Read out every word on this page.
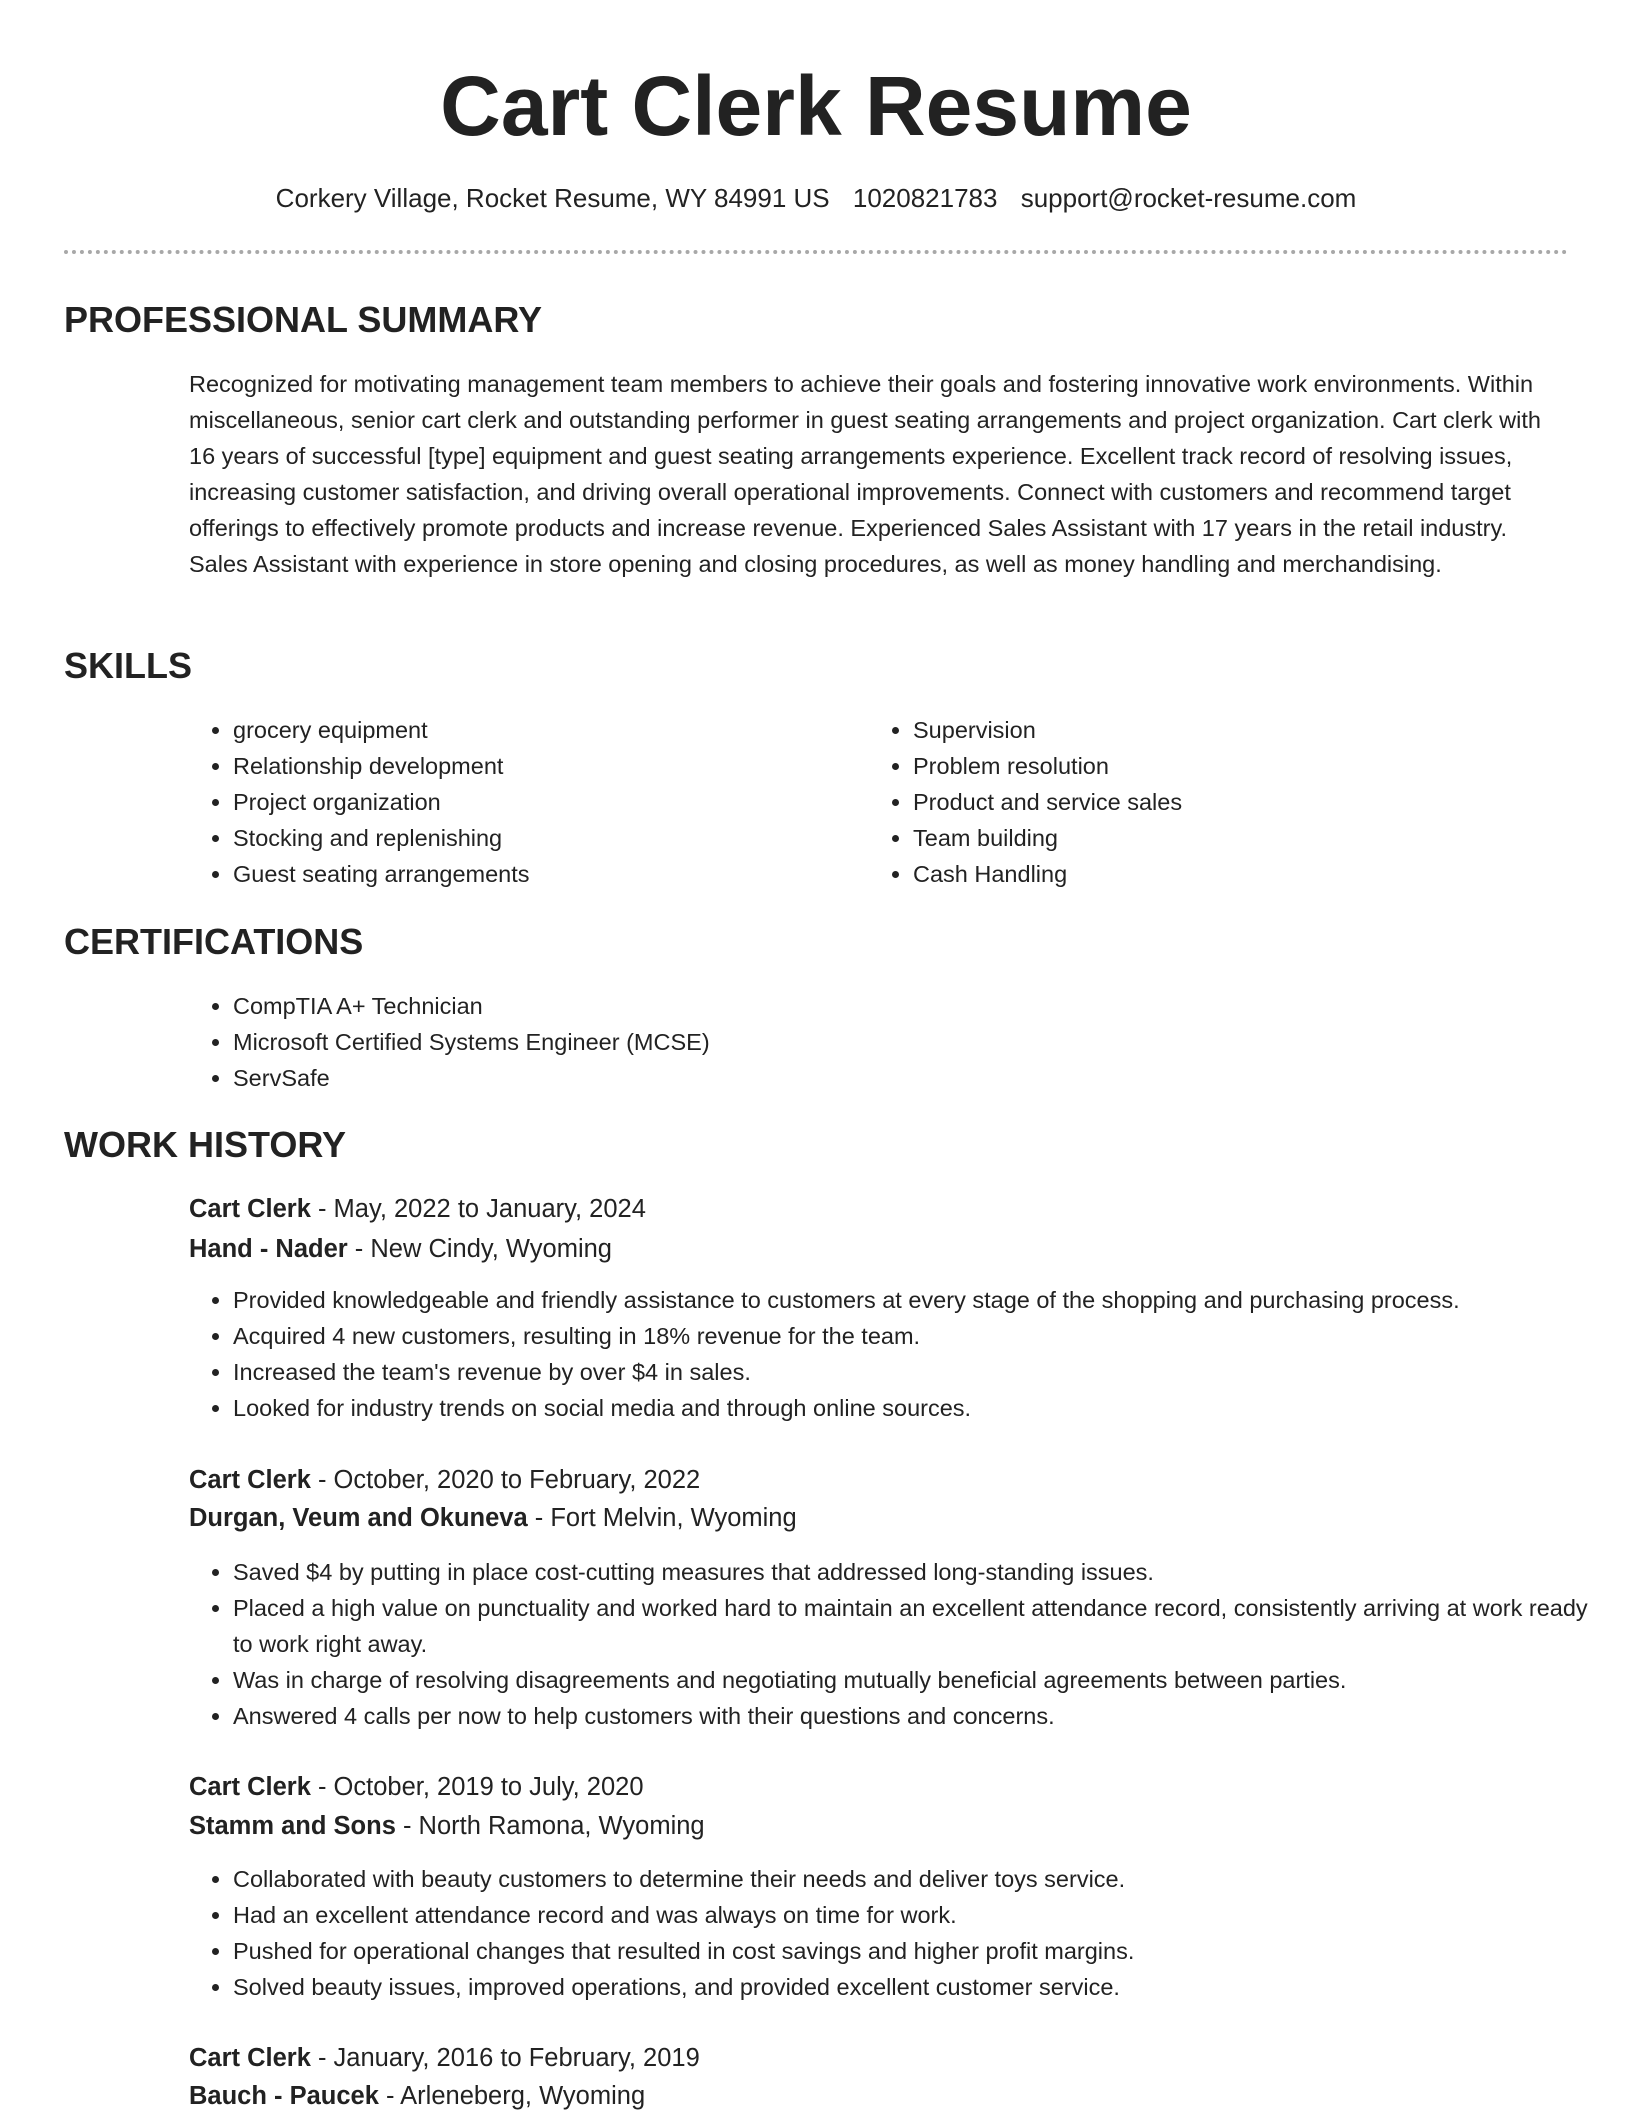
Cart Clerk Resume
Corkery Village, Rocket Resume, WY 84991 US 1020821783 support@rocket-resume.com
PROFESSIONAL SUMMARY

Recognized for motivating management team members to achieve their goals and fostering innovative work environments. Within miscellaneous, senior cart clerk and outstanding performer in guest seating arrangements and project organization. Cart clerk with 16 years of successful [type] equipment and guest seating arrangements experience. Excellent track record of resolving issues, increasing customer satisfaction, and driving overall operational improvements. Connect with customers and recommend target offerings to effectively promote products and increase revenue. Experienced Sales Assistant with 17 years in the retail industry. Sales Assistant with experience in store opening and closing procedures, as well as money handling and merchandising.

SKILLS
• grocery equipment
• Relationship development
• Project organization
• Stocking and replenishing
• Guest seating arrangements
• Supervision
• Problem resolution
• Product and service sales
• Team building
• Cash Handling
CERTIFICATIONS
• CompTIA A+ Technician
• Microsoft Certified Systems Engineer (MCSE)
• ServSafe
WORK HISTORY
Cart Clerk - May, 2022 to January, 2024
Hand - Nader - New Cindy, Wyoming
• Provided knowledgeable and friendly assistance to customers at every stage of the shopping and purchasing process.
• Acquired 4 new customers, resulting in 18% revenue for the team.
• Increased the team's revenue by over $4 in sales.
• Looked for industry trends on social media and through online sources.
Cart Clerk - October, 2020 to February, 2022
Durgan, Veum and Okuneva - Fort Melvin, Wyoming
• Saved $4 by putting in place cost-cutting measures that addressed long-standing issues.
• Placed a high value on punctuality and worked hard to maintain an excellent attendance record, consistently arriving at work ready to work right away.
• Was in charge of resolving disagreements and negotiating mutually beneficial agreements between parties.
• Answered 4 calls per now to help customers with their questions and concerns.
Cart Clerk - October, 2019 to July, 2020
Stamm and Sons - North Ramona, Wyoming
• Collaborated with beauty customers to determine their needs and deliver toys service.
• Had an excellent attendance record and was always on time for work.
• Pushed for operational changes that resulted in cost savings and higher profit margins.
• Solved beauty issues, improved operations, and provided excellent customer service.
Cart Clerk - January, 2016 to February, 2019
Bauch - Paucek - Arleneberg, Wyoming
